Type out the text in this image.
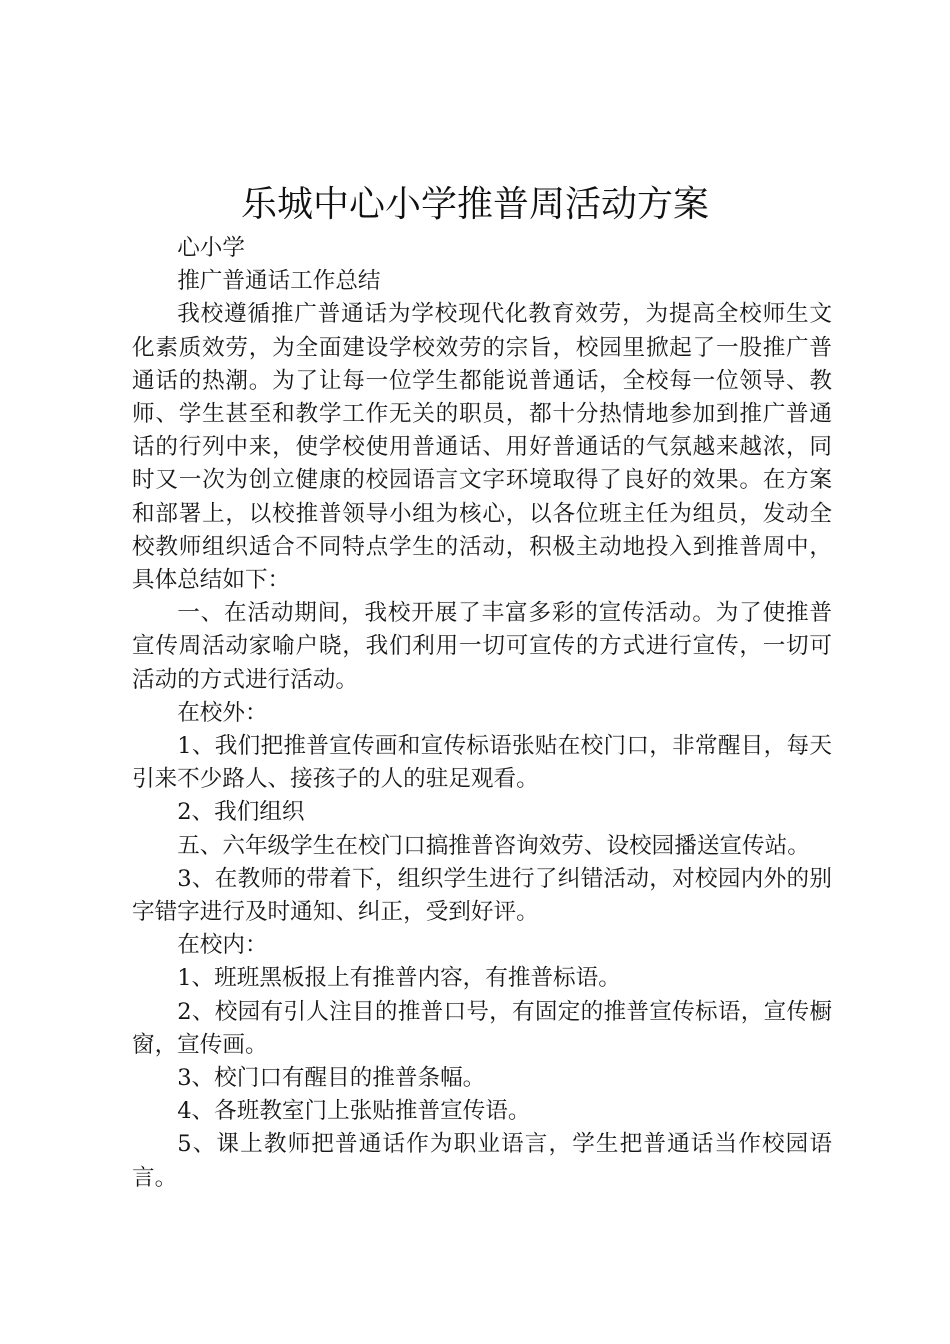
乐城中心小学推普周活动方案

心小学

推广普通话工作总结

我校遵循推广普通话为学校现代化教育效劳，为提高全校师生文化素质效劳，为全面建设学校效劳的宗旨，校园里掀起了一股推广普通话的热潮。为了让每一位学生都能说普通话，全校每一位领导、教师、学生甚至和教学工作无关的职员，都十分热情地参加到推广普通话的行列中来，使学校使用普通话、用好普通话的气氛越来越浓，同时又一次为创立健康的校园语言文字环境取得了良好的效果。在方案和部署上，以校推普领导小组为核心，以各位班主任为组员，发动全校教师组织适合不同特点学生的活动，积极主动地投入到推普周中，具体总结如下：

一、在活动期间，我校开展了丰富多彩的宣传活动。为了使推普宣传周活动家喻户晓，我们利用一切可宣传的方式进行宣传，一切可活动的方式进行活动。

在校外：

1、我们把推普宣传画和宣传标语张贴在校门口，非常醒目，每天引来不少路人、接孩子的人的驻足观看。

2、我们组织

五、六年级学生在校门口搞推普咨询效劳、设校园播送宣传站。

3、在教师的带着下，组织学生进行了纠错活动，对校园内外的别字错字进行及时通知、纠正，受到好评。

在校内：

1、班班黑板报上有推普内容，有推普标语。

2、校园有引人注目的推普口号，有固定的推普宣传标语，宣传橱窗，宣传画。

3、校门口有醒目的推普条幅。

4、各班教室门上张贴推普宣传语。

5、课上教师把普通话作为职业语言，学生把普通话当作校园语言。
